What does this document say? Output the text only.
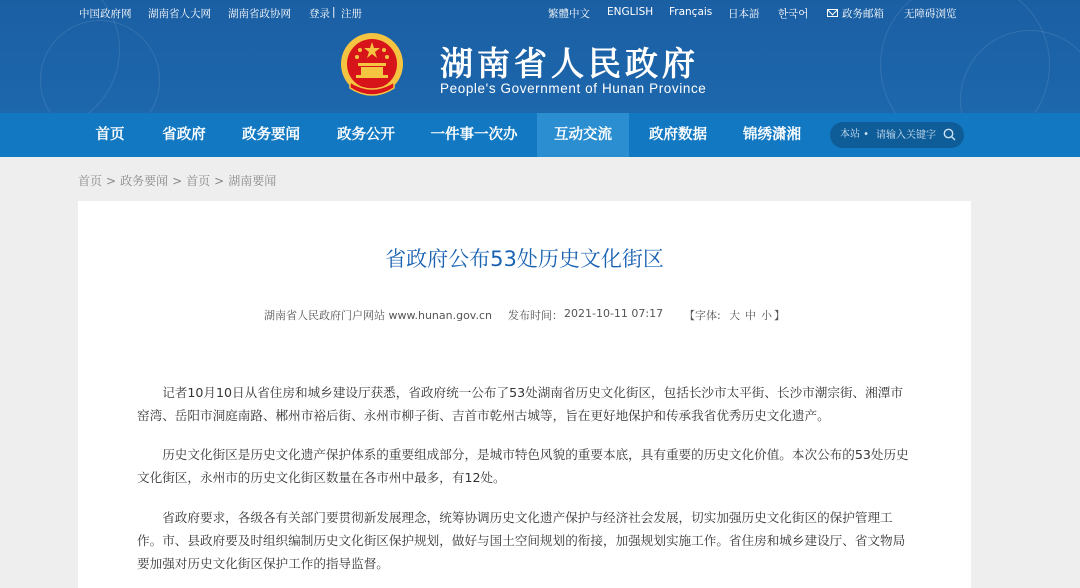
中国政府网 湖南省人大网 湖南省政协网 登录 | 注册	繁體中文 ENGLISH Français 日本語 한국어	政务邮箱 无障碍浏览
湖南省人民政府
People's Government of Hunan Province
首页	省政府	政务要闻	政务公开	一件事一次办	互动交流	政府数据	锦绣潇湘	本站 •
请输入关键字
首页 > 政务要闻 > 首页 > 湖南要闻
省政府公布53处历史文化街区
湖南省人民政府门户网站 www.hunan.gov.cn 发布时间： 2021-10-11 07:17 【字体: 大 中 小 】

记者10月10日从省住房和城乡建设厅获悉，省政府统一公布了53处湖南省历史文化街区，包括长沙市太平街、长沙市潮宗街、湘潭市窑湾、岳阳市洞庭南路、郴州市裕后街、永州市柳子街、吉首市乾州古城等，旨在更好地保护和传承我省优秀历史文化遗产。

历史文化街区是历史文化遗产保护体系的重要组成部分，是城市特色风貌的重要本底，具有重要的历史文化价值。本次公布的53处历史文化街区，永州市的历史文化街区数量在各市州中最多，有12处。

省政府要求，各级各有关部门要贯彻新发展理念，统筹协调历史文化遗产保护与经济社会发展，切实加强历史文化街区的保护管理工作。市、县政府要及时组织编制历史文化街区保护规划，做好与国土空间规划的衔接，加强规划实施工作。省住房和城乡建设厅、省文物局要加强对历史文化街区保护工作的指导监督。
